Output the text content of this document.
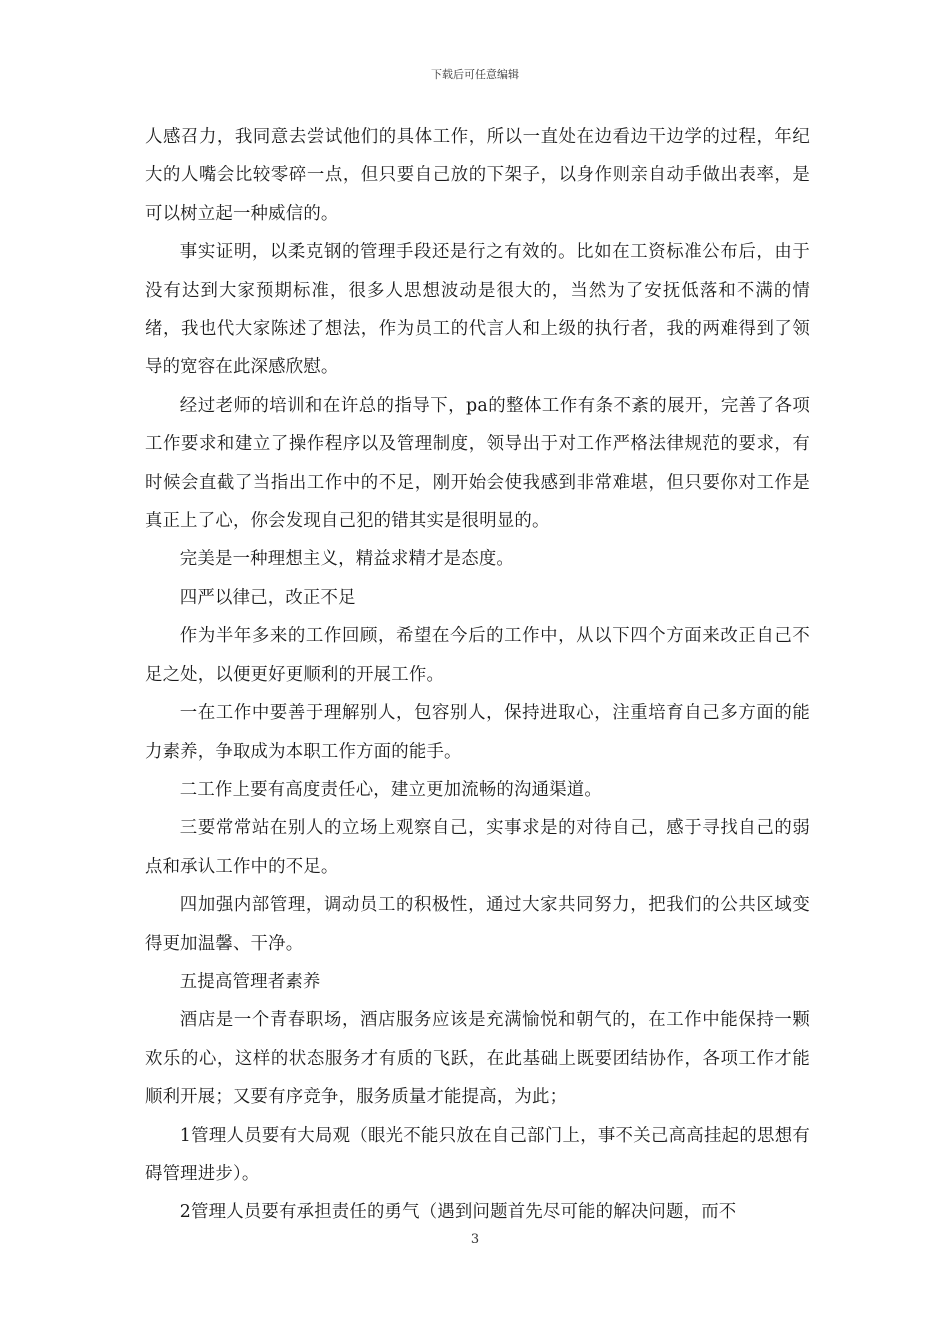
下载后可任意编辑

人感召力，我同意去尝试他们的具体工作，所以一直处在边看边干边学的过程，年纪大的人嘴会比较零碎一点，但只要自己放的下架子，以身作则亲自动手做出表率，是可以树立起一种威信的。

事实证明，以柔克钢的管理手段还是行之有效的。比如在工资标准公布后，由于没有达到大家预期标准，很多人思想波动是很大的，当然为了安抚低落和不满的情绪，我也代大家陈述了想法，作为员工的代言人和上级的执行者，我的两难得到了领导的宽容在此深感欣慰。

经过老师的培训和在许总的指导下，pa的整体工作有条不紊的展开，完善了各项工作要求和建立了操作程序以及管理制度，领导出于对工作严格法律规范的要求，有时候会直截了当指出工作中的不足，刚开始会使我感到非常难堪，但只要你对工作是真正上了心，你会发现自己犯的错其实是很明显的。

完美是一种理想主义，精益求精才是态度。

四严以律己，改正不足

作为半年多来的工作回顾，希望在今后的工作中，从以下四个方面来改正自己不足之处，以便更好更顺利的开展工作。

一在工作中要善于理解别人，包容别人，保持进取心，注重培育自己多方面的能力素养，争取成为本职工作方面的能手。

二工作上要有高度责任心，建立更加流畅的沟通渠道。

三要常常站在别人的立场上观察自己，实事求是的对待自己，感于寻找自己的弱点和承认工作中的不足。

四加强内部管理，调动员工的积极性，通过大家共同努力，把我们的公共区域变得更加温馨、干净。

五提高管理者素养

酒店是一个青春职场，酒店服务应该是充满愉悦和朝气的，在工作中能保持一颗欢乐的心，这样的状态服务才有质的飞跃，在此基础上既要团结协作，各项工作才能顺利开展；又要有序竞争，服务质量才能提高，为此；

1管理人员要有大局观（眼光不能只放在自己部门上，事不关己高高挂起的思想有碍管理进步）。

2管理人员要有承担责任的勇气（遇到问题首先尽可能的解决问题，而不

3
